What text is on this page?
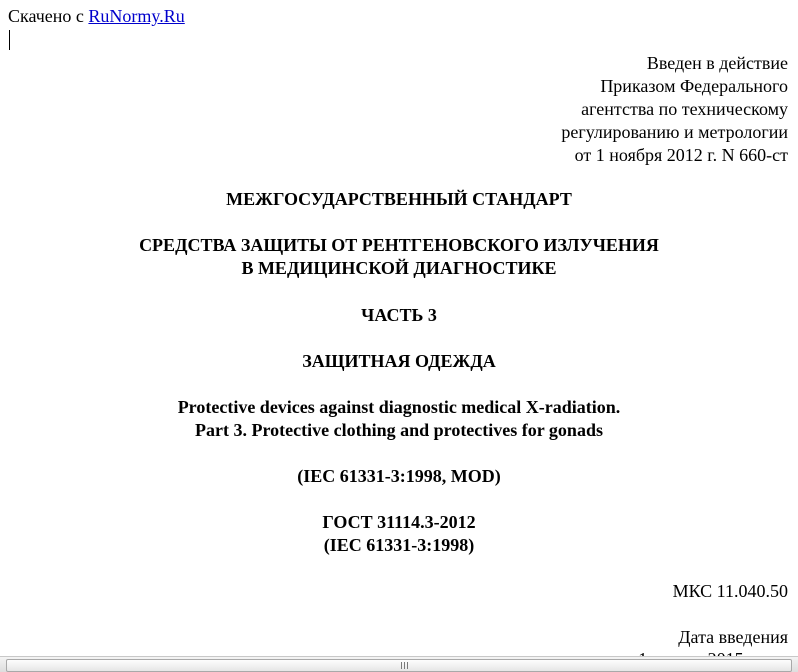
Скачено с RuNormy.Ru
Введен в действие
Приказом Федерального
агентства по техническому
регулированию и метрологии
от 1 ноября 2012 г. N 660-ст
МЕЖГОСУДАРСТВЕННЫЙ СТАНДАРТ
СРЕДСТВА ЗАЩИТЫ ОТ РЕНТГЕНОВСКОГО ИЗЛУЧЕНИЯ
В МЕДИЦИНСКОЙ ДИАГНОСТИКЕ
ЧАСТЬ 3
ЗАЩИТНАЯ ОДЕЖДА
Protective devices against diagnostic medical X-radiation.
Part 3. Protective clothing and protectives for gonads
(IEC 61331-3:1998, MOD)
ГОСТ 31114.3-2012
(IEC 61331-3:1998)
МКС 11.040.50
Дата введения
